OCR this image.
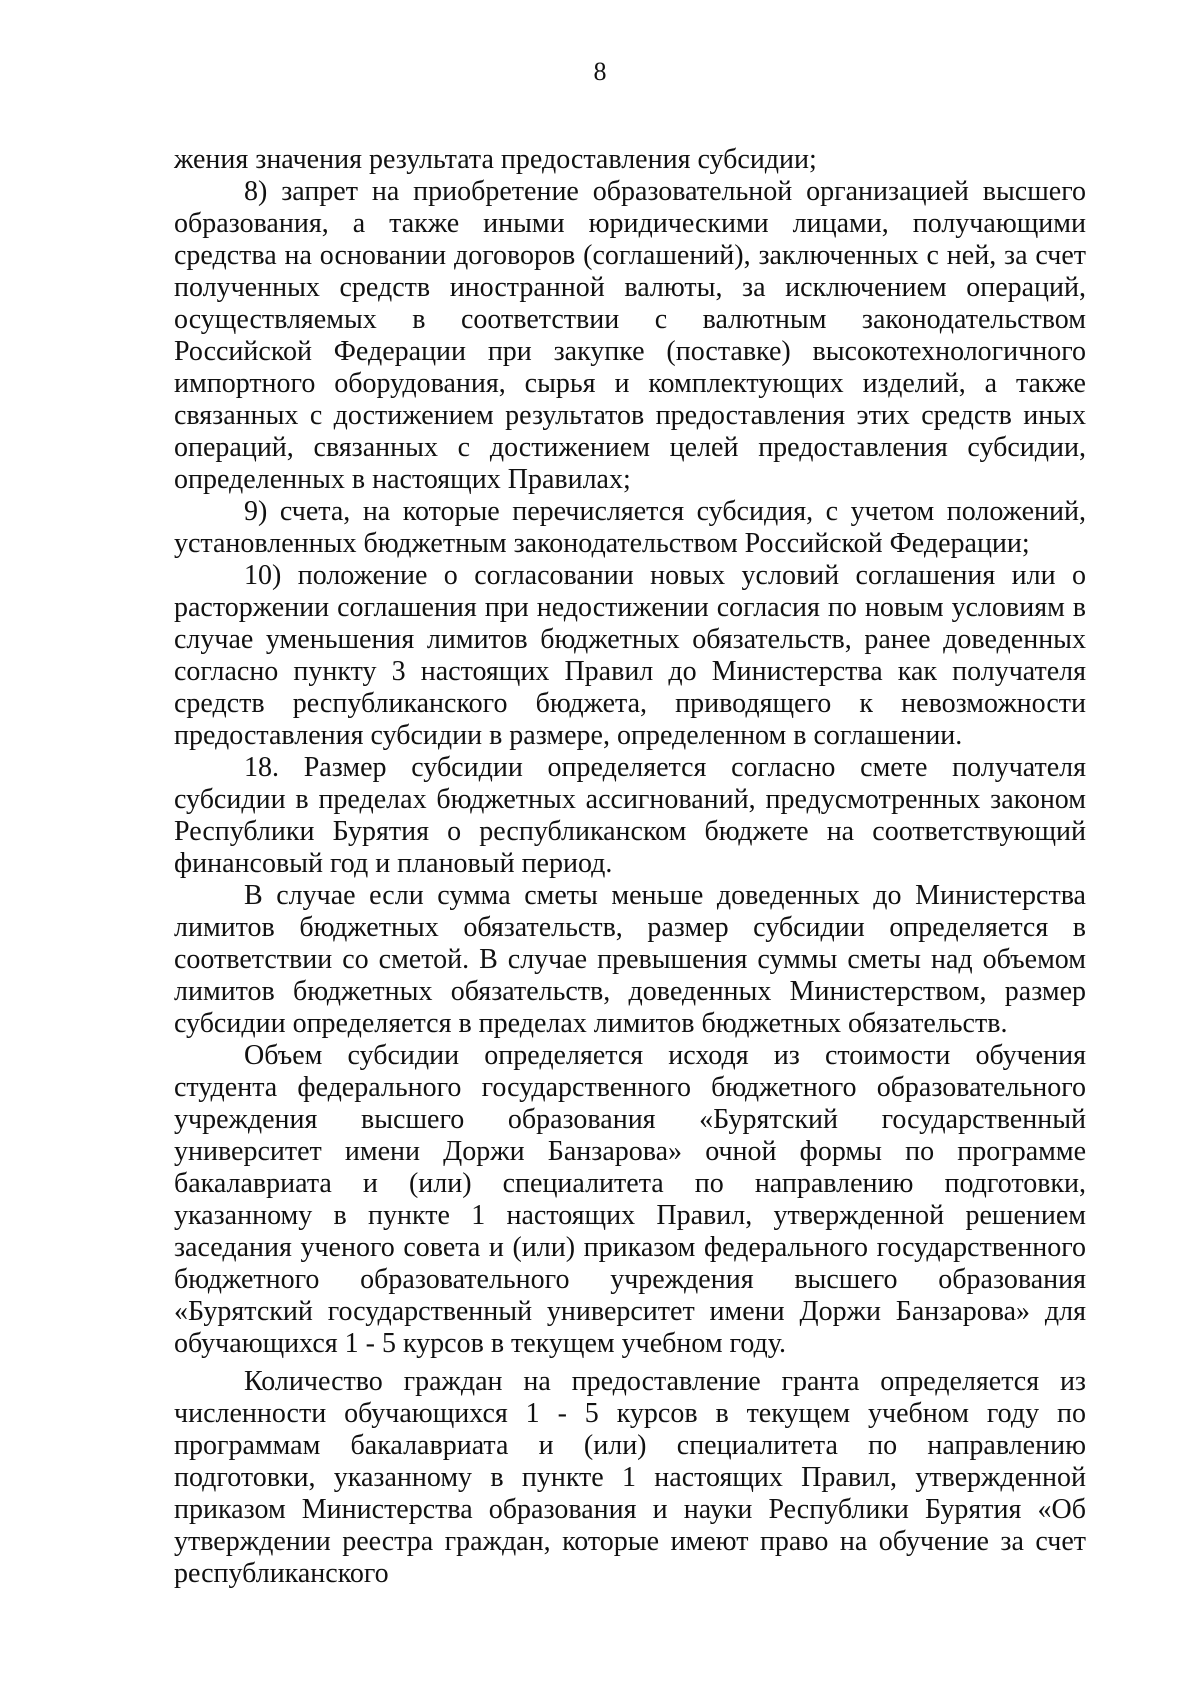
8

жения значения результата предоставления субсидии;

8) запрет на приобретение образовательной организацией высшего образования, а также иными юридическими лицами, получающими средства на основании договоров (соглашений), заключенных с ней, за счет полученных средств иностранной валюты, за исключением операций, осуществляемых в соответствии с валютным законодательством Российской Федерации при закупке (поставке) высокотехнологичного импортного оборудования, сырья и комплектующих изделий, а также связанных с достижением результатов предоставления этих средств иных операций, связанных с достижением целей предоставления субсидии, определенных в настоящих Правилах;

9) счета, на которые перечисляется субсидия, с учетом положений, установленных бюджетным законодательством Российской Федерации;

10) положение о согласовании новых условий соглашения или о расторжении соглашения при недостижении согласия по новым условиям в случае уменьшения лимитов бюджетных обязательств, ранее доведенных согласно пункту 3 настоящих Правил до Министерства как получателя средств республиканского бюджета, приводящего к невозможности предоставления субсидии в размере, определенном в соглашении.

18. Размер субсидии определяется согласно смете получателя субсидии в пределах бюджетных ассигнований, предусмотренных законом Республики Бурятия о республиканском бюджете на соответствующий финансовый год и плановый период.

В случае если сумма сметы меньше доведенных до Министерства лимитов бюджетных обязательств, размер субсидии определяется в соответствии со сметой. В случае превышения суммы сметы над объемом лимитов бюджетных обязательств, доведенных Министерством, размер субсидии определяется в пределах лимитов бюджетных обязательств.

Объем субсидии определяется исходя из стоимости обучения студента федерального государственного бюджетного образовательного учреждения высшего образования «Бурятский государственный университет имени Доржи Банзарова» очной формы по программе бакалавриата и (или) специалитета по направлению подготовки, указанному в пункте 1 настоящих Правил, утвержденной решением заседания ученого совета и (или) приказом федерального государственного бюджетного образовательного учреждения высшего образования «Бурятский государственный университет имени Доржи Банзарова» для обучающихся 1 - 5 курсов в текущем учебном году.

Количество граждан на предоставление гранта определяется из численности обучающихся 1 - 5 курсов в текущем учебном году по программам бакалавриата и (или) специалитета по направлению подготовки, указанному в пункте 1 настоящих Правил, утвержденной приказом Министерства образования и науки Республики Бурятия «Об утверждении реестра граждан, которые имеют право на обучение за счет республиканского
